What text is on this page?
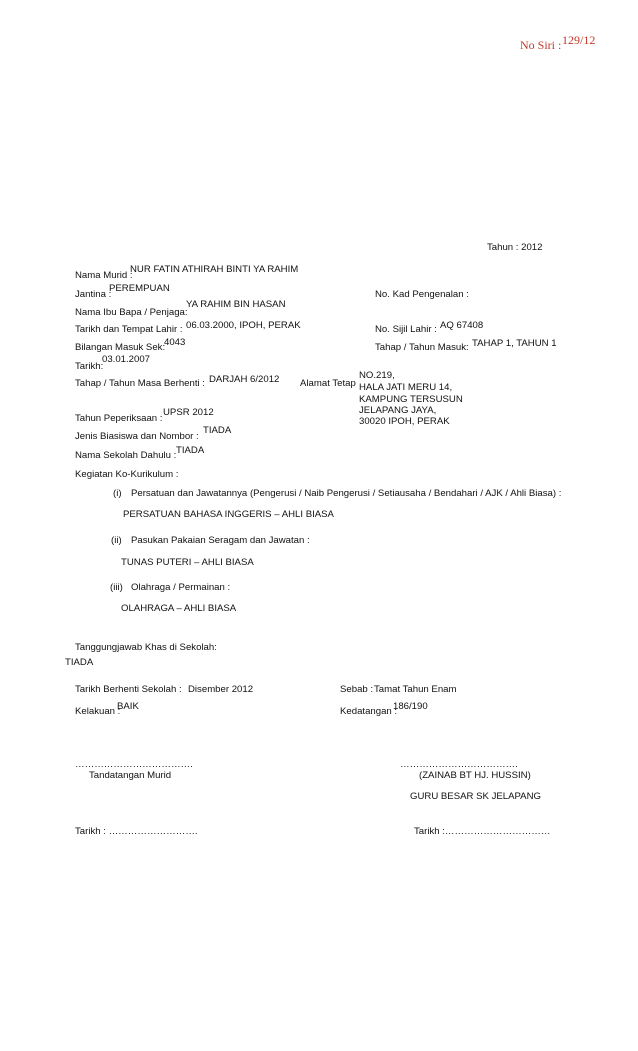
No Siri : 129/12
Tahun : 2012
Nama Murid :
NUR FATIN ATHIRAH BINTI YA RAHIM
Jantina :
PEREMPUAN
Nama Ibu Bapa / Penjaga:
YA RAHIM BIN HASAN
Tarikh dan Tempat Lahir : 06.03.2000, IPOH, PERAK
Bilangan Masuk Sek:
4043
Tarikh:
03.01.2007
Tahap / Tahun Masa Berhenti : DARJAH 6/2012
Tahun Peperiksaan :
UPSR 2012
Jenis Biasiswa dan Nombor :
TIADA
Nama Sekolah Dahulu : TIADA
Alamat Tetap
NO.219,
HALA JATI MERU 14,
KAMPUNG TERSUSUN
JELAPANG JAYA,
30020 IPOH, PERAK
No. Kad Pengenalan :
No. Sijil Lahir : AQ 67408
Tahap / Tahun Masuk: TAHAP 1, TAHUN 1
Kegiatan Ko-Kurikulum :
(i) Persatuan dan Jawatannya (Pengerusi / Naib Pengerusi / Setiausaha / Bendahari / AJK / Ahli Biasa) :
PERSATUAN BAHASA INGGERIS – AHLI BIASA
(ii) Pasukan Pakaian Seragam dan Jawatan :
TUNAS PUTERI – AHLI BIASA
(iii) Olahraga / Permainan :
OLAHRAGA – AHLI BIASA
Tanggungjawab Khas di Sekolah:
TIADA
Tarikh Berhenti Sekolah : Disember 2012	Sebab : Tamat Tahun Enam
Kelakuan :
BAIK	Kedatangan :
186/190
……………………………….
Tandatangan Murid
……………………………….
(ZAINAB BT HJ. HUSSIN)
GURU BESAR SK JELAPANG
Tarikh : ……………………….	Tarikh :……………………………
